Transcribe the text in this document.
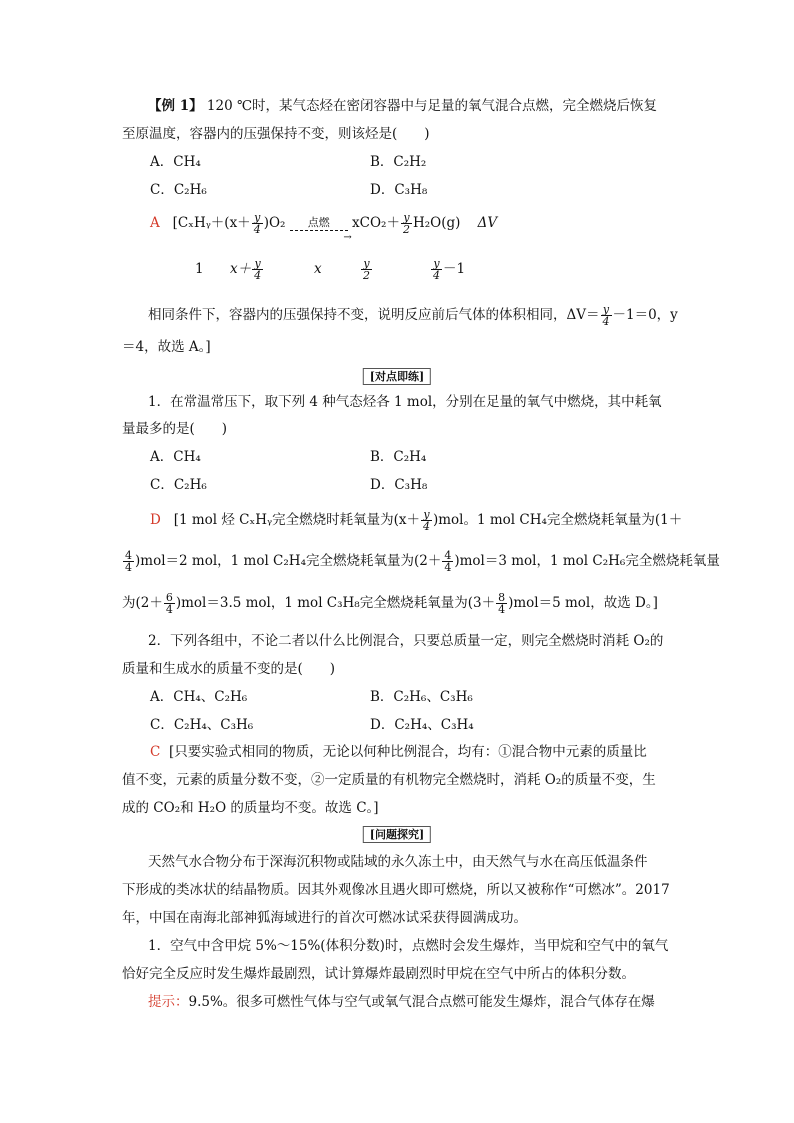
【例 1】 120 ℃时，某气态烃在密闭容器中与足量的氧气混合点燃，完全燃烧后恢复
至原温度，容器内的压强保持不变，则该烃是(　　)
A．CH₄	B．C₂H₂
C．C₂H₆	D．C₃H₈
A [CₓHᵧ＋(x＋ $\frac{y}{4} )O_2$	点燃
→
$xCO_2+ \frac{y}{2} H_2O(g)$ ΔV
1 $x+ \frac{y}{4}$	x	$\frac{y}{2}$	$\frac{y}{4} -1$
相同条件下，容器内的压强保持不变，说明反应前后气体的体积相同，$\Delta V= \frac{y}{4} -1=0$，y
＝4，故选 A。]
[对点即练]
1．在常温常压下，取下列 4 种气态烃各 1 mol，分别在足量的氧气中燃烧，其中耗氧
量最多的是(　　)
A．CH₄	B．C₂H₄
C．C₂H₆	D．C₃H₈
D [1 mol 烃 CₓHᵧ完全燃烧时耗氧量为$(x+ \frac{y}{4} )mol$。1 mol CH₄完全燃烧耗氧量为(1＋
$\frac{4}{4} )mol=2$ mol，1 mol C₂H₄完全燃烧耗氧量为$(2+ \frac{4}{4} )mol=3$ mol，1 mol C₂H₆完全燃烧耗氧量
为$(2+ \frac{6}{4} )mol=3.5$ mol，1 mol C₃H₈完全燃烧耗氧量为$(3+ \frac{8}{4} )mol=5$ mol，故选 D。]
2．下列各组中，不论二者以什么比例混合，只要总质量一定，则完全燃烧时消耗 O₂的
质量和生成水的质量不变的是(　　)
A．CH₄、C₂H₆	B．C₂H₆、C₃H₆
C．C₂H₄、C₃H₆	D．C₂H₄、C₃H₄
C [只要实验式相同的物质，无论以何种比例混合，均有：①混合物中元素的质量比
值不变，元素的质量分数不变，②一定质量的有机物完全燃烧时，消耗 O₂的质量不变，生
成的 CO₂和 H₂O 的质量均不变。故选 C。]
[问题探究]
天然气水合物分布于深海沉积物或陆域的永久冻土中，由天然气与水在高压低温条件
下形成的类冰状的结晶物质。因其外观像冰且遇火即可燃烧，所以又被称作“可燃冰”。2017
年，中国在南海北部神狐海域进行的首次可燃冰试采获得圆满成功。
1．空气中含甲烷 5%～15%(体积分数)时，点燃时会发生爆炸，当甲烷和空气中的氧气
恰好完全反应时发生爆炸最剧烈，试计算爆炸最剧烈时甲烷在空气中所占的体积分数。
提示：9.5%。很多可燃性气体与空气或氧气混合点燃可能发生爆炸，混合气体存在爆
